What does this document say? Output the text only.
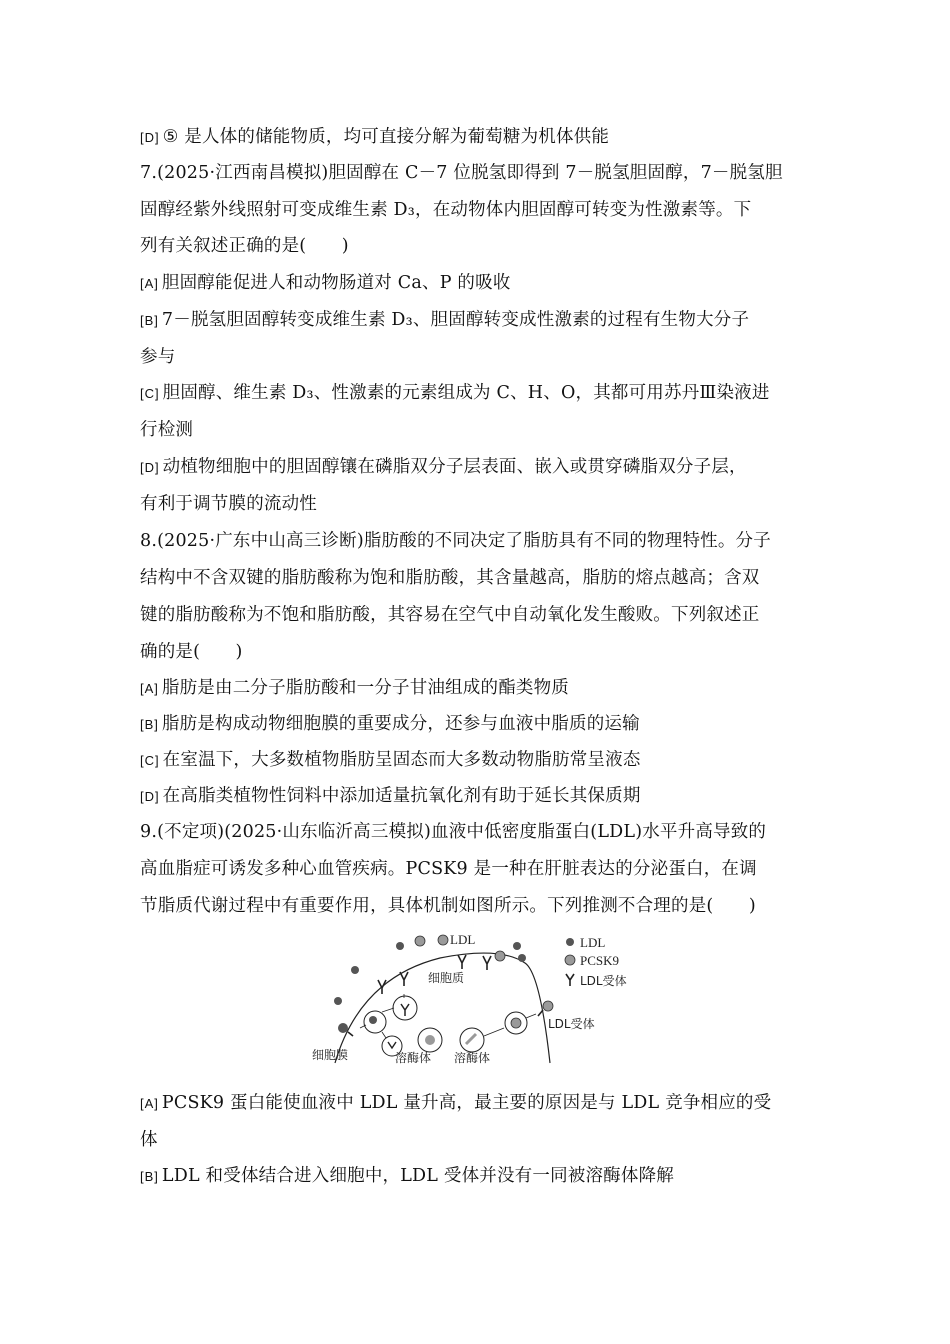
[D] ⑤ 是人体的储能物质，均可直接分解为葡萄糖为机体供能
7.(2025·江西南昌模拟)胆固醇在 C－7 位脱氢即得到 7－脱氢胆固醇，7－脱氢胆
固醇经紫外线照射可变成维生素 D₃，在动物体内胆固醇可转变为性激素等。下
列有关叙述正确的是(　　)
[A] 胆固醇能促进人和动物肠道对 Ca、P 的吸收
[B] 7－脱氢胆固醇转变成维生素 D₃、胆固醇转变成性激素的过程有生物大分子
参与
[C] 胆固醇、维生素 D₃、性激素的元素组成为 C、H、O，其都可用苏丹Ⅲ染液进
行检测
[D] 动植物细胞中的胆固醇镶在磷脂双分子层表面、嵌入或贯穿磷脂双分子层，
有利于调节膜的流动性
8.(2025·广东中山高三诊断)脂肪酸的不同决定了脂肪具有不同的物理特性。分子
结构中不含双键的脂肪酸称为饱和脂肪酸，其含量越高，脂肪的熔点越高；含双
键的脂肪酸称为不饱和脂肪酸，其容易在空气中自动氧化发生酸败。下列叙述正
确的是(　　)
[A] 脂肪是由二分子脂肪酸和一分子甘油组成的酯类物质
[B] 脂肪是构成动物细胞膜的重要成分，还参与血液中脂质的运输
[C] 在室温下，大多数植物脂肪呈固态而大多数动物脂肪常呈液态
[D] 在高脂类植物性饲料中添加适量抗氧化剂有助于延长其保质期
9.(不定项)(2025·山东临沂高三模拟)血液中低密度脂蛋白(LDL)水平升高导致的
高血脂症可诱发多种心血管疾病。PCSK9 是一种在肝脏表达的分泌蛋白，在调
节脂质代谢过程中有重要作用，具体机制如图所示。下列推测不合理的是(　　)
LDL
细胞质
细胞膜	溶酶体 溶酶体
LDL受体
LDL
PCSK9
LDL受体
[A] PCSK9 蛋白能使血液中 LDL 量升高，最主要的原因是与 LDL 竞争相应的受
体
[B] LDL 和受体结合进入细胞中，LDL 受体并没有一同被溶酶体降解
